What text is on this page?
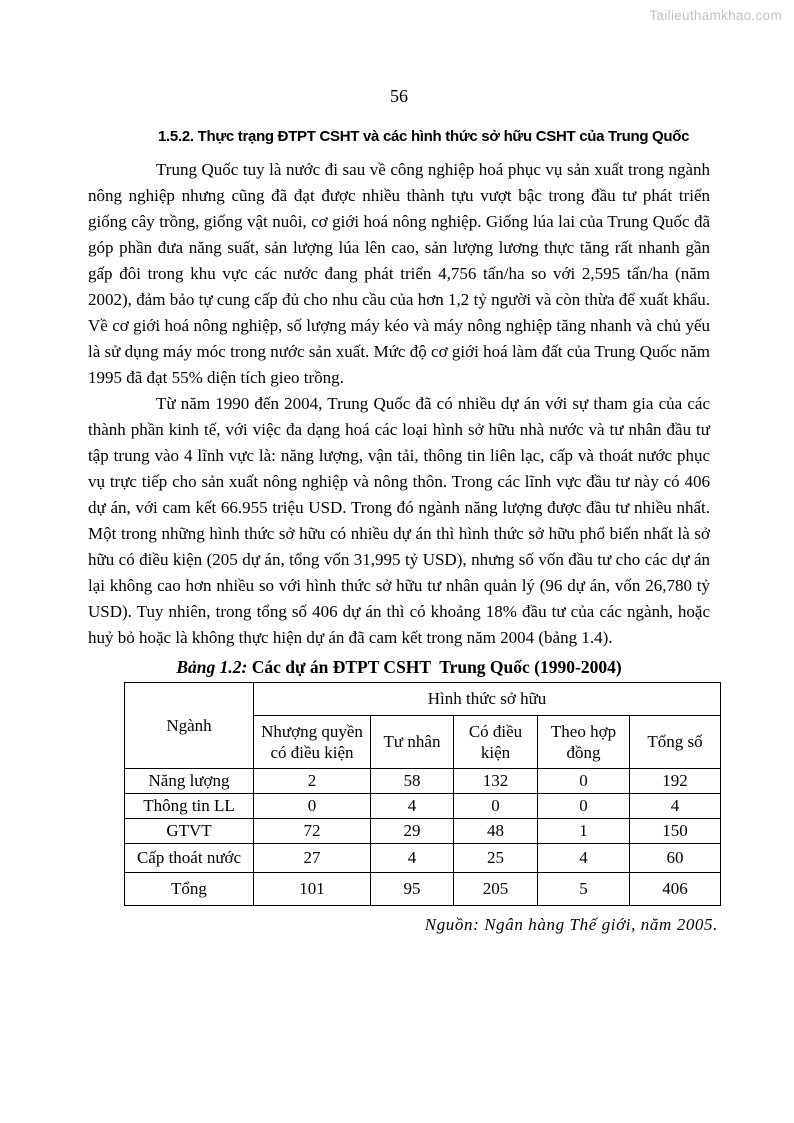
Tailieuthamkhao.com
56
1.5.2. Thực trạng ĐTPT CSHT và các hình thức sở hữu CSHT của Trung Quốc

Trung Quốc tuy là nước đi sau về công nghiệp hoá phục vụ sản xuất trong ngành nông nghiệp nhưng cũng đã đạt được nhiều thành tựu vượt bậc trong đầu tư phát triển giống cây trồng, giống vật nuôi, cơ giới hoá nông nghiệp. Giống lúa lai của Trung Quốc đã góp phần đưa năng suất, sản lượng lúa lên cao, sản lượng lương thực tăng rất nhanh gần gấp đôi trong khu vực các nước đang phát triển 4,756 tấn/ha so với 2,595 tấn/ha (năm 2002), đảm bảo tự cung cấp đủ cho nhu cầu của hơn 1,2 tỷ người và còn thừa để xuất khẩu. Về cơ giới hoá nông nghiệp, số lượng máy kéo và máy nông nghiệp tăng nhanh và chủ yếu là sử dụng máy móc trong nước sản xuất. Mức độ cơ giới hoá làm đất của Trung Quốc năm 1995 đã đạt 55% diện tích gieo trồng.

Từ năm 1990 đến 2004, Trung Quốc đã có nhiều dự án với sự tham gia của các thành phần kinh tế, với việc đa dạng hoá các loại hình sở hữu nhà nước và tư nhân đầu tư tập trung vào 4 lĩnh vực là: năng lượng, vận tải, thông tin liên lạc, cấp và thoát nước phục vụ trực tiếp cho sản xuất nông nghiệp và nông thôn. Trong các lĩnh vực đầu tư này có 406 dự án, với cam kết 66.955 triệu USD. Trong đó ngành năng lượng được đầu tư nhiều nhất. Một trong những hình thức sở hữu có nhiều dự án thì hình thức sở hữu phổ biến nhất là sở hữu có điều kiện (205 dự án, tổng vốn 31,995 tỷ USD), nhưng số vốn đầu tư cho các dự án lại không cao hơn nhiều so với hình thức sở hữu tư nhân quản lý (96 dự án, vốn 26,780 tỷ USD). Tuy nhiên, trong tổng số 406 dự án thì có khoảng 18% đầu tư của các ngành, hoặc huỷ bỏ hoặc là không thực hiện dự án đã cam kết trong năm 2004 (bảng 1.4).

Bảng 1.2: Các dự án ĐTPT CSHT  Trung Quốc (1990-2004)
Ngành	Hình thức sở hữu				
	Nhượng quyền có điều kiện	Tư nhân	Có điều kiện	Theo hợp đồng	Tổng số
Năng lượng	2	58	132	0	192
Thông tin LL	0	4	0	0	4
GTVT	72	29	48	1	150
Cấp thoát nước	27	4	25	4	60
Tổng	101	95	205	5	406
Nguồn: Ngân hàng Thế giới, năm 2005.
